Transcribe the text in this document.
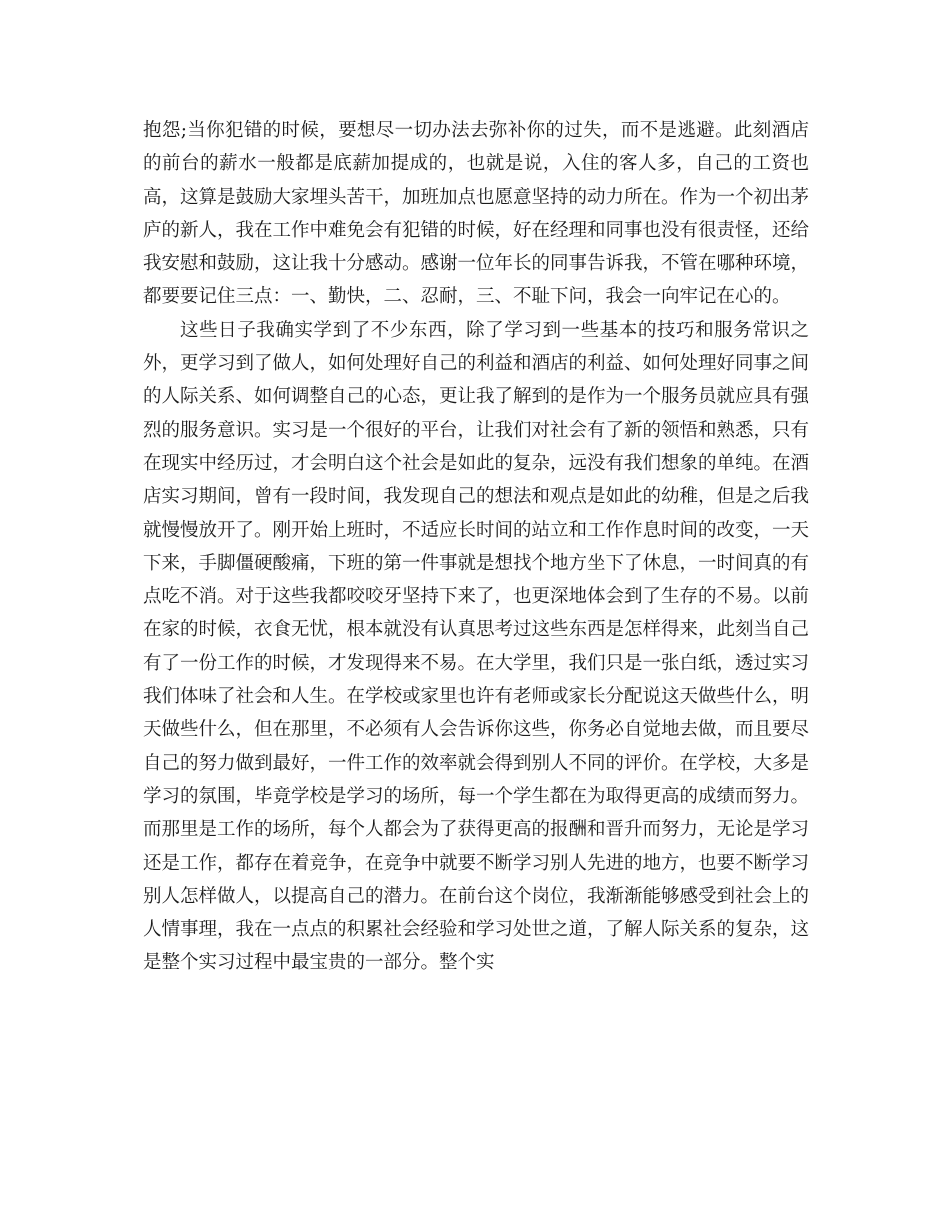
抱怨;当你犯错的时候，要想尽一切办法去弥补你的过失，而不是逃避。此刻酒店的前台的薪水一般都是底薪加提成的，也就是说，入住的客人多，自己的工资也高，这算是鼓励大家埋头苦干，加班加点也愿意坚持的动力所在。作为一个初出茅庐的新人，我在工作中难免会有犯错的时候，好在经理和同事也没有很责怪，还给我安慰和鼓励，这让我十分感动。感谢一位年长的同事告诉我，不管在哪种环境，都要要记住三点：一、勤快，二、忍耐，三、不耻下问，我会一向牢记在心的。

这些日子我确实学到了不少东西，除了学习到一些基本的技巧和服务常识之外，更学习到了做人，如何处理好自己的利益和酒店的利益、如何处理好同事之间的人际关系、如何调整自己的心态，更让我了解到的是作为一个服务员就应具有强烈的服务意识。实习是一个很好的平台，让我们对社会有了新的领悟和熟悉，只有在现实中经历过，才会明白这个社会是如此的复杂，远没有我们想象的单纯。在酒店实习期间，曾有一段时间，我发现自己的想法和观点是如此的幼稚，但是之后我就慢慢放开了。刚开始上班时，不适应长时间的站立和工作作息时间的改变，一天下来，手脚僵硬酸痛，下班的第一件事就是想找个地方坐下了休息，一时间真的有点吃不消。对于这些我都咬咬牙坚持下来了，也更深地体会到了生存的不易。以前在家的时候，衣食无忧，根本就没有认真思考过这些东西是怎样得来，此刻当自己有了一份工作的时候，才发现得来不易。在大学里，我们只是一张白纸，透过实习我们体味了社会和人生。在学校或家里也许有老师或家长分配说这天做些什么，明天做些什么，但在那里，不必须有人会告诉你这些，你务必自觉地去做，而且要尽自己的努力做到最好，一件工作的效率就会得到别人不同的评价。在学校，大多是学习的氛围，毕竟学校是学习的场所，每一个学生都在为取得更高的成绩而努力。而那里是工作的场所，每个人都会为了获得更高的报酬和晋升而努力，无论是学习还是工作，都存在着竞争，在竞争中就要不断学习别人先进的地方，也要不断学习别人怎样做人，以提高自己的潜力。在前台这个岗位，我渐渐能够感受到社会上的人情事理，我在一点点的积累社会经验和学习处世之道，了解人际关系的复杂，这是整个实习过程中最宝贵的一部分。整个实
